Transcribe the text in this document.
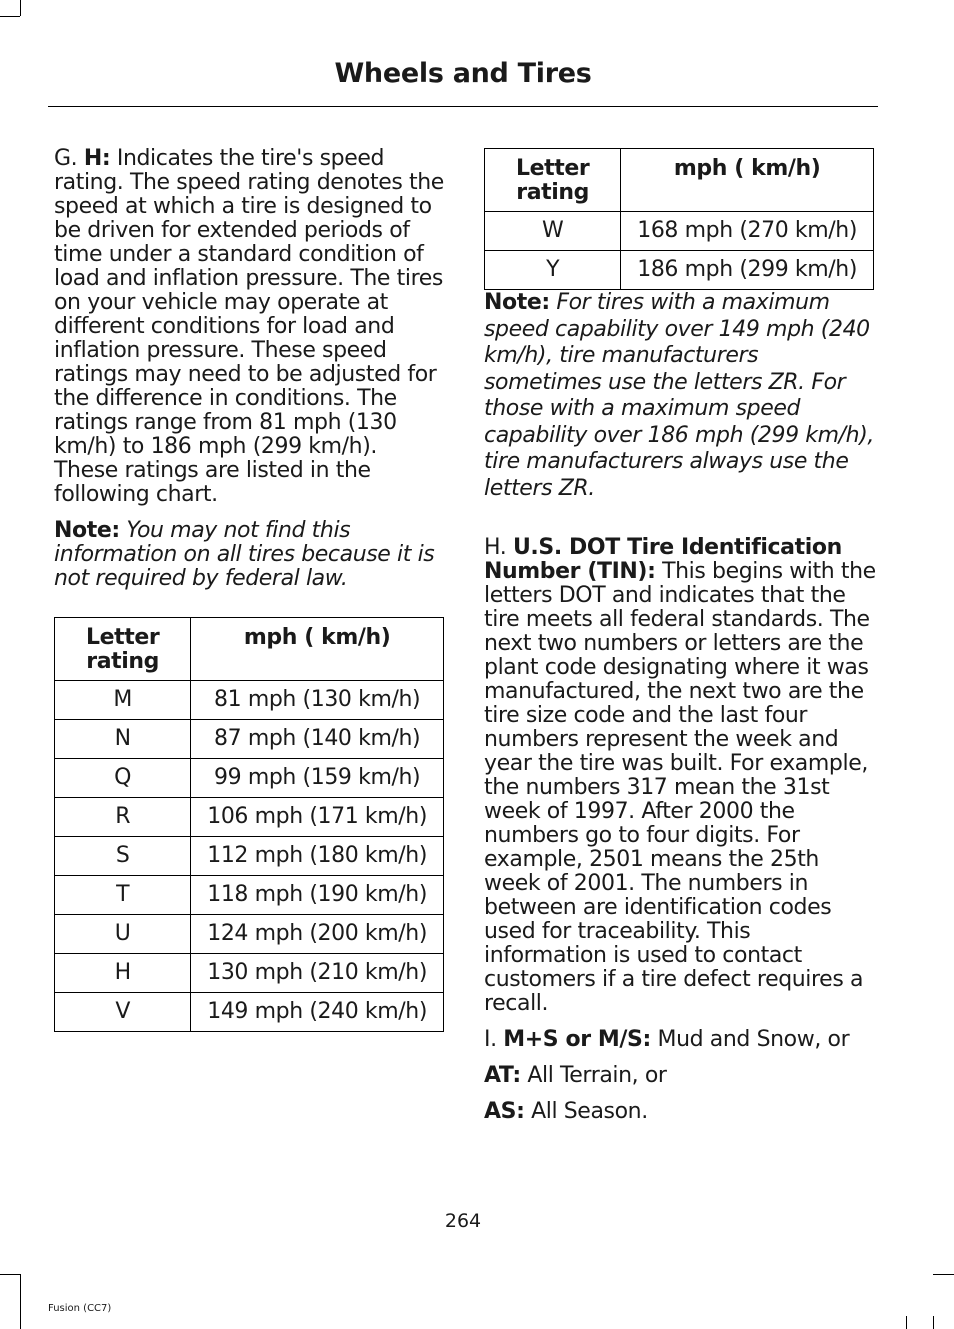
Wheels and Tires

G. H: Indicates the tire's speed rating. The speed rating denotes the speed at which a tire is designed to be driven for extended periods of time under a standard condition of load and inflation pressure. The tires on your vehicle may operate at different conditions for load and inflation pressure. These speed ratings may need to be adjusted for the difference in conditions. The ratings range from 81 mph (130 km/h) to 186 mph (299 km/h). These ratings are listed in the following chart.

Note: You may not find this information on all tires because it is not required by federal law.

Letter rating	mph ( km/h)
M	81 mph (130 km/h)
N	87 mph (140 km/h)
Q	99 mph (159 km/h)
R	106 mph (171 km/h)
S	112 mph (180 km/h)
T	118 mph (190 km/h)
U	124 mph (200 km/h)
H	130 mph (210 km/h)
V	149 mph (240 km/h)
Letter rating	mph ( km/h)
W	168 mph (270 km/h)
Y	186 mph (299 km/h)

Note: For tires with a maximum speed capability over 149 mph (240 km/h), tire manufacturers sometimes use the letters ZR. For those with a maximum speed capability over 186 mph (299 km/h), tire manufacturers always use the letters ZR.

H. U.S. DOT Tire Identification Number (TIN): This begins with the letters DOT and indicates that the tire meets all federal standards. The next two numbers or letters are the plant code designating where it was manufactured, the next two are the tire size code and the last four numbers represent the week and year the tire was built. For example, the numbers 317 mean the 31st week of 1997. After 2000 the numbers go to four digits. For example, 2501 means the 25th week of 2001. The numbers in between are identification codes used for traceability. This information is used to contact customers if a tire defect requires a recall.

I. M+S or M/S: Mud and Snow, or

AT: All Terrain, or

AS: All Season.

264
Fusion (CC7)
